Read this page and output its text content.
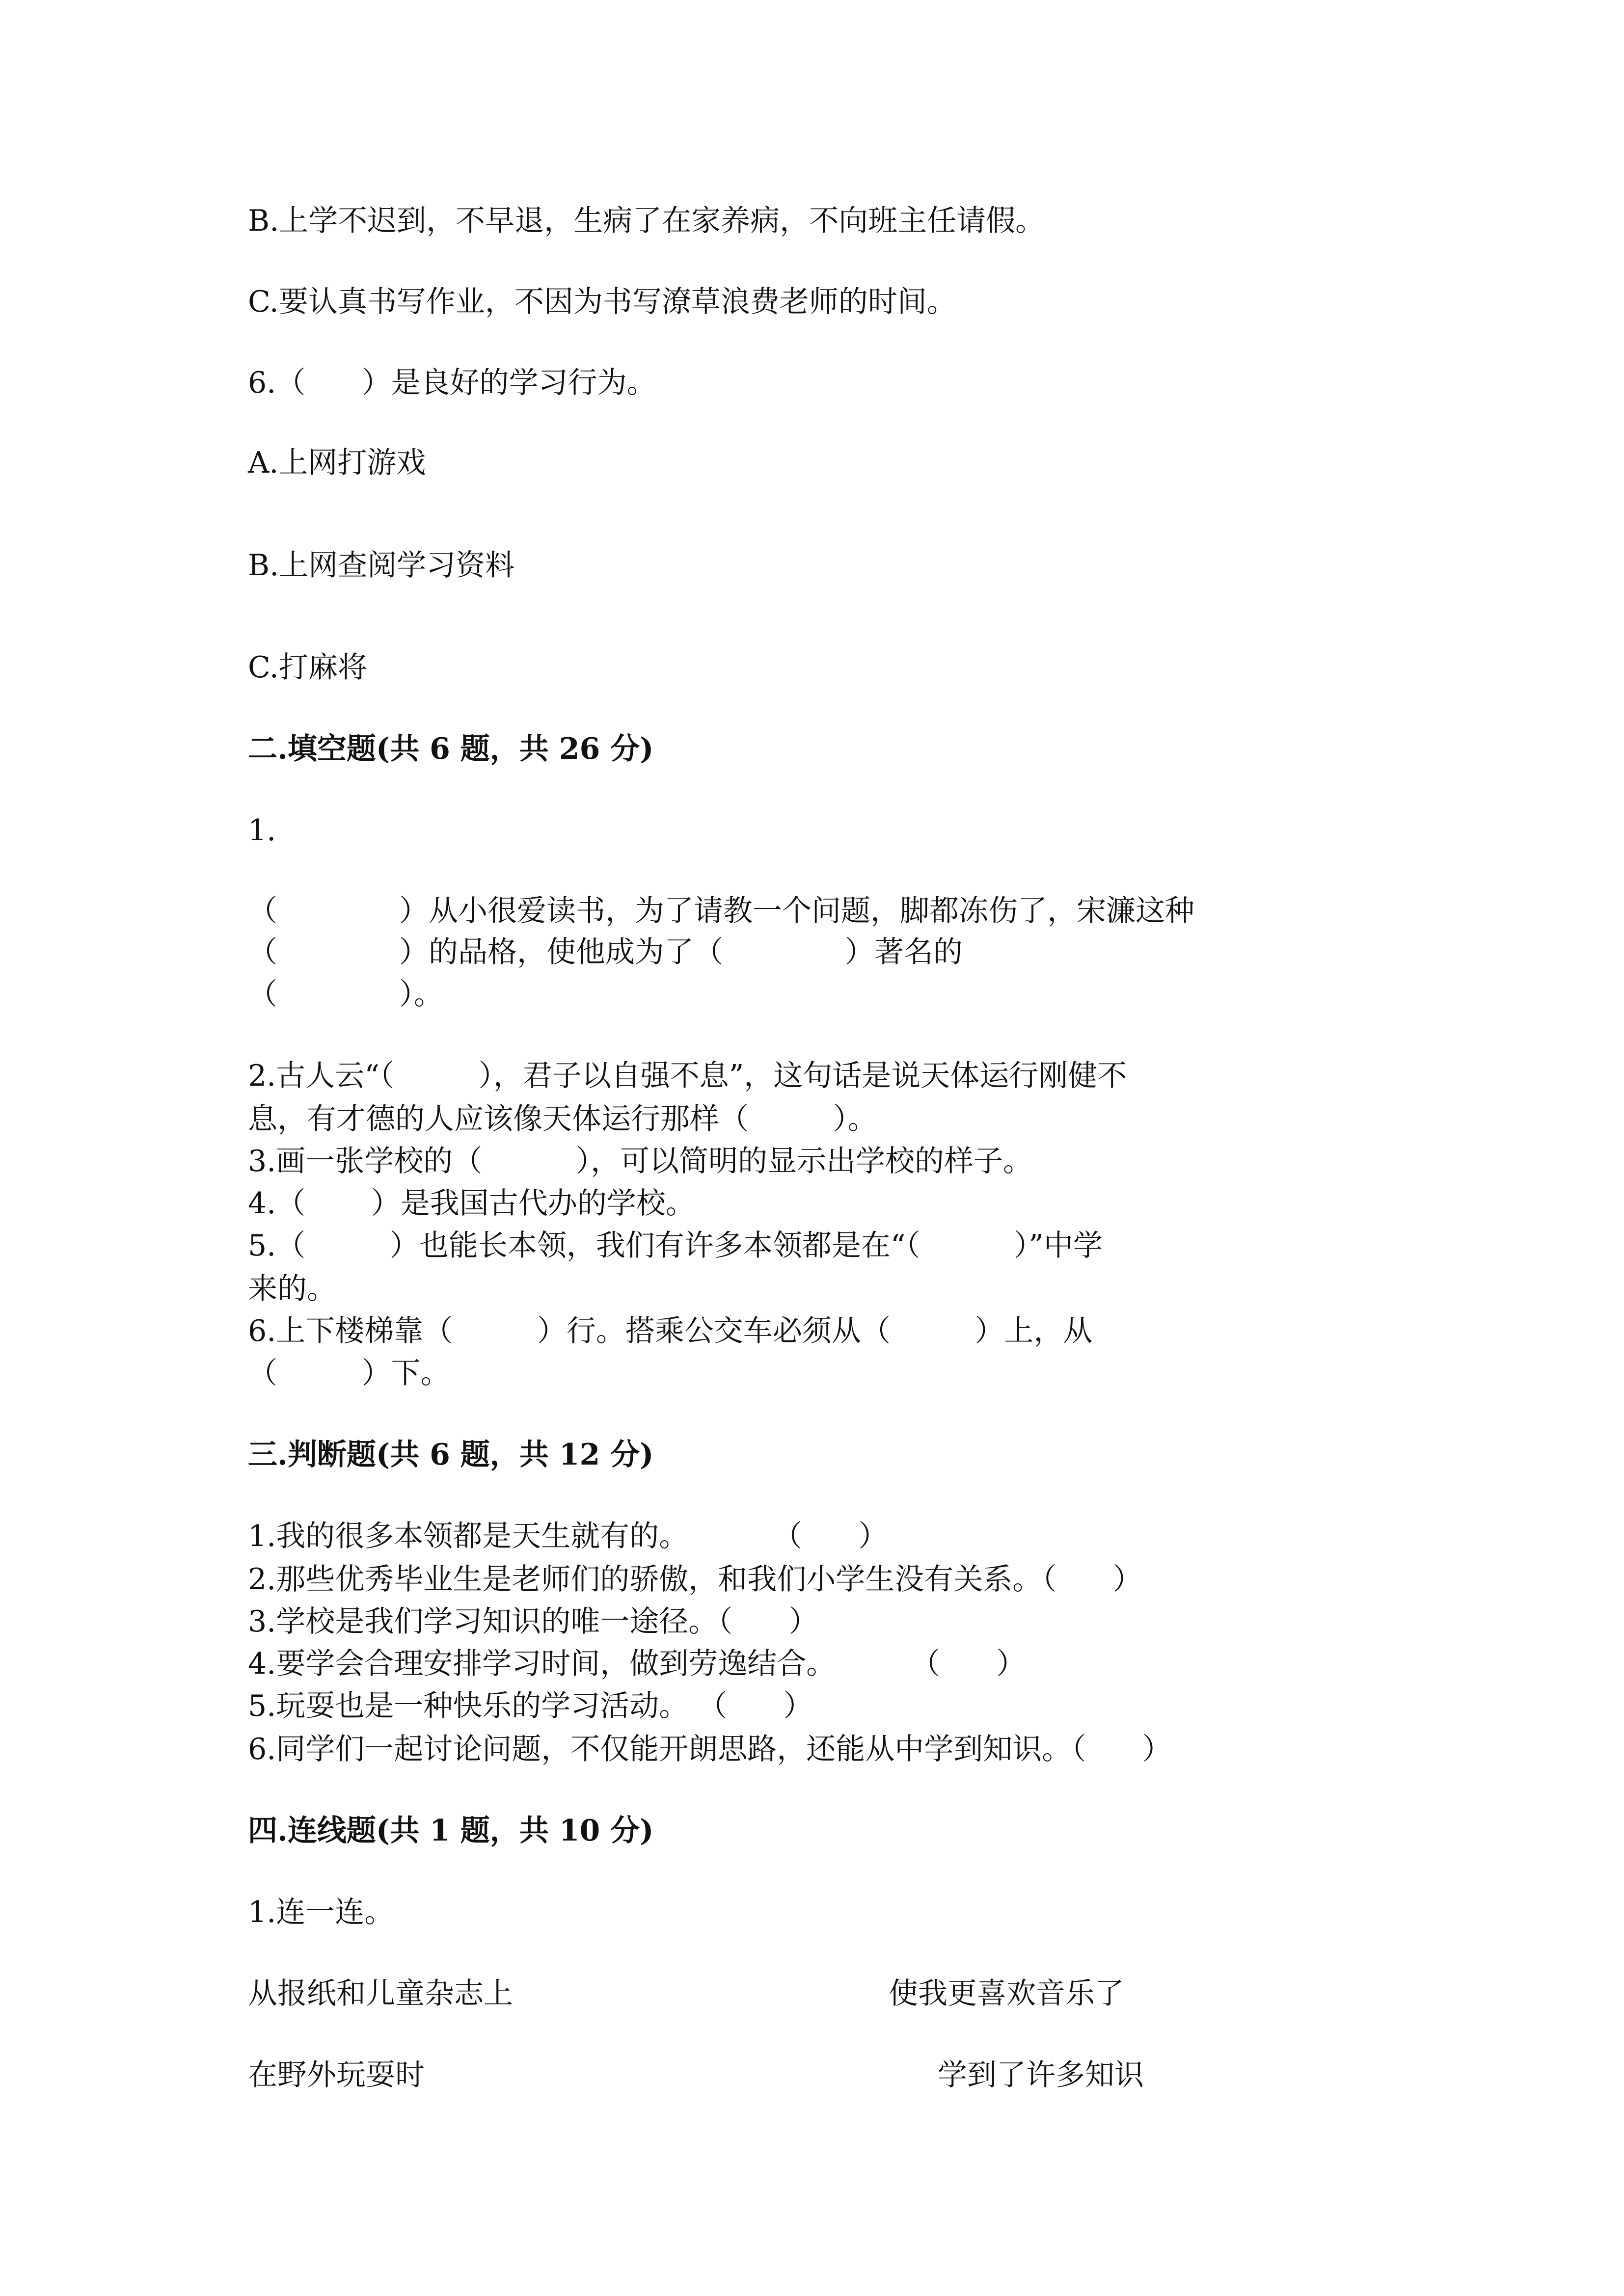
B.上学不迟到，不早退，生病了在家养病，不向班主任请假。
C.要认真书写作业，不因为书写潦草浪费老师的时间。
6.（      ）是良好的学习行为。
A.上网打游戏
B.上网查阅学习资料
C.打麻将
二.填空题(共 6 题，共 26 分)
1.
（             ）从小很爱读书，为了请教一个问题，脚都冻伤了，宋濂这种
（             ）的品格，使他成为了（             ）著名的
（             ）。
2.古人云“（         ），君子以自强不息”，这句话是说天体运行刚健不
息，有才德的人应该像天体运行那样（         ）。
3.画一张学校的（          ），可以简明的显示出学校的样子。
4.（       ）是我国古代办的学校。
5.（         ）也能长本领，我们有许多本领都是在“（          ）”中学
来的。
6.上下楼梯靠（         ）行。搭乘公交车必须从（         ）上，从
（         ）下。
三.判断题(共 6 题，共 12 分)
1.我的很多本领都是天生就有的。         （      ）
2.那些优秀毕业生是老师们的骄傲，和我们小学生没有关系。（      ）
3.学校是我们学习知识的唯一途径。（      ）
4.要学会合理安排学习时间，做到劳逸结合。        （      ）
5.玩耍也是一种快乐的学习活动。 （      ）
6.同学们一起讨论问题，不仅能开朗思路，还能从中学到知识。（      ）
四.连线题(共 1 题，共 10 分)
1.连一连。
从报纸和儿童杂志上	使我更喜欢音乐了
在野外玩耍时	学到了许多知识
